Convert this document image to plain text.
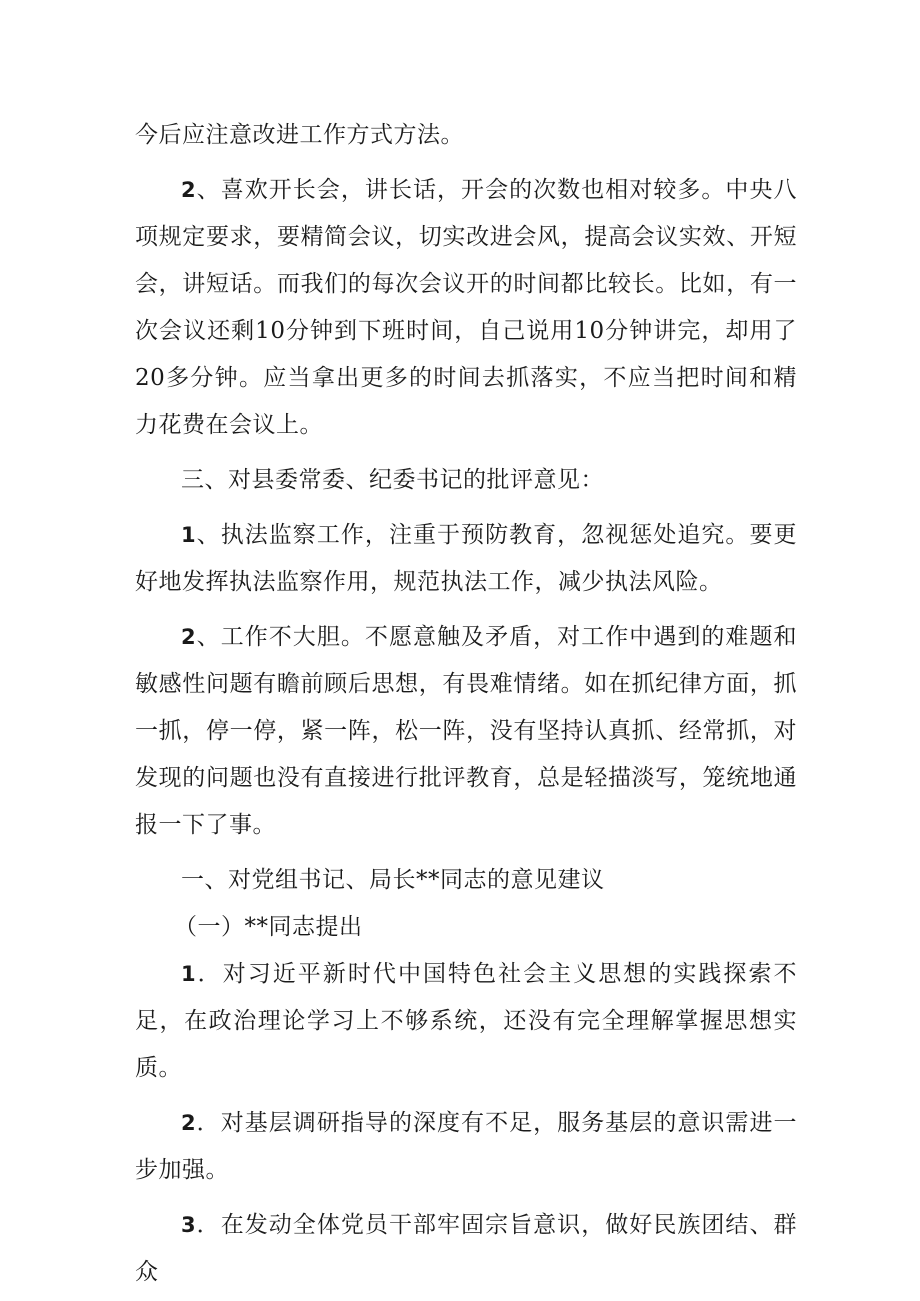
今后应注意改进工作方式方法。

2、喜欢开长会，讲长话，开会的次数也相对较多。中央八项规定要求，要精简会议，切实改进会风，提高会议实效、开短会，讲短话。而我们的每次会议开的时间都比较长。比如，有一次会议还剩10分钟到下班时间，自己说用10分钟讲完，却用了20多分钟。应当拿出更多的时间去抓落实，不应当把时间和精力花费在会议上。

三、对县委常委、纪委书记的批评意见：

1、执法监察工作，注重于预防教育，忽视惩处追究。要更好地发挥执法监察作用，规范执法工作，减少执法风险。

2、工作不大胆。不愿意触及矛盾，对工作中遇到的难题和敏感性问题有瞻前顾后思想，有畏难情绪。如在抓纪律方面，抓一抓，停一停，紧一阵，松一阵，没有坚持认真抓、经常抓，对发现的问题也没有直接进行批评教育，总是轻描淡写，笼统地通报一下了事。

一、对党组书记、局长**同志的意见建议

（一）**同志提出

1．对习近平新时代中国特色社会主义思想的实践探索不足，在政治理论学习上不够系统，还没有完全理解掌握思想实质。

2．对基层调研指导的深度有不足，服务基层的意识需进一步加强。

3．在发动全体党员干部牢固宗旨意识，做好民族团结、群众
